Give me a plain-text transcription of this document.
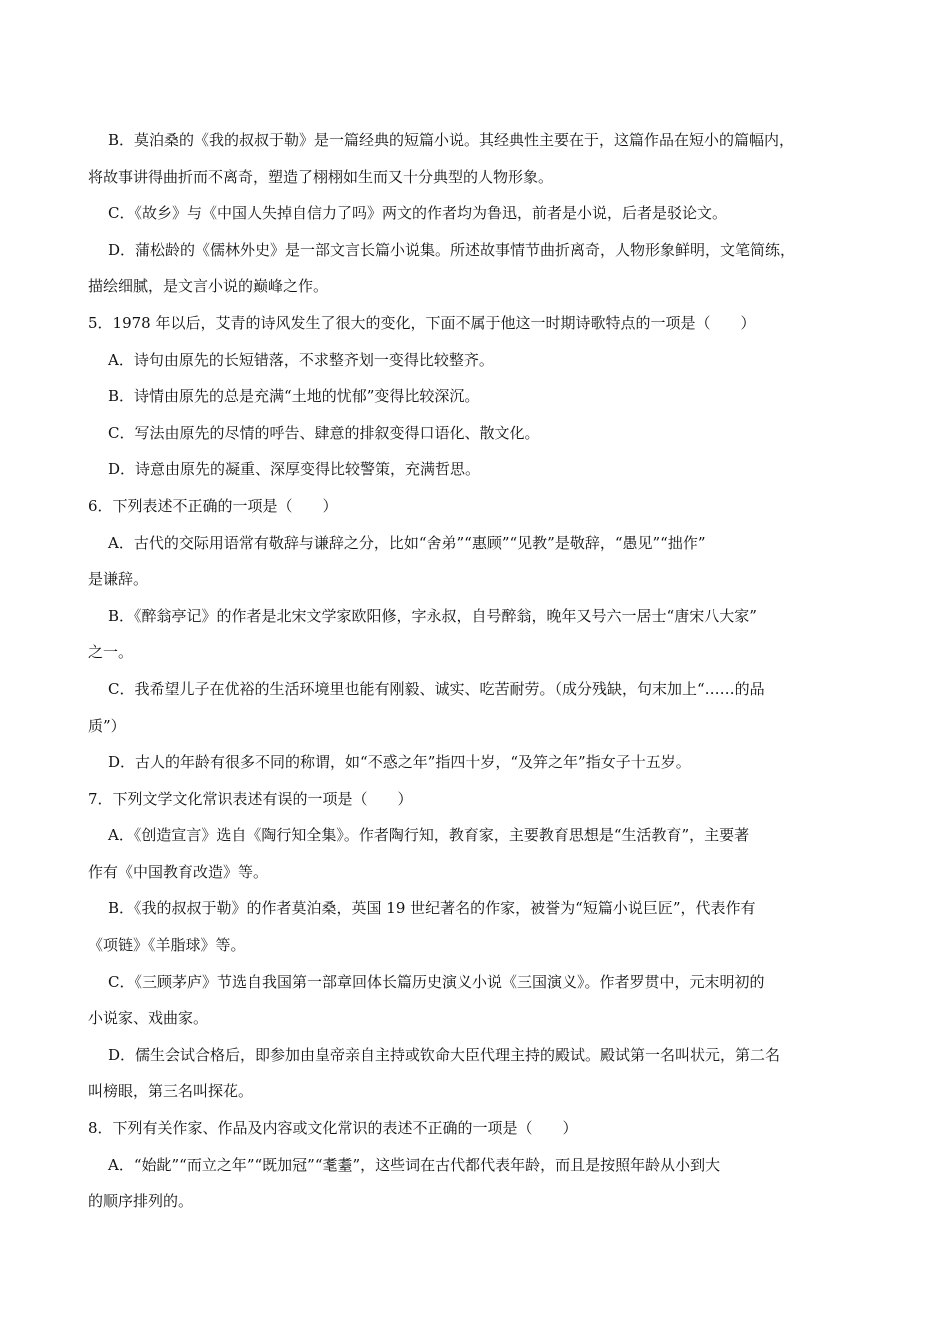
B．莫泊桑的《我的叔叔于勒》是一篇经典的短篇小说。其经典性主要在于，这篇作品在短小的篇幅内，
将故事讲得曲折而不离奇，塑造了栩栩如生而又十分典型的人物形象。
C．《故乡》与《中国人失掉自信力了吗》两文的作者均为鲁迅，前者是小说，后者是驳论文。
D．蒲松龄的《儒林外史》是一部文言长篇小说集。所述故事情节曲折离奇，人物形象鲜明，文笔简练，
描绘细腻，是文言小说的巅峰之作。
5．1978 年以后，艾青的诗风发生了很大的变化，下面不属于他这一时期诗歌特点的一项是（　　）
A．诗句由原先的长短错落，不求整齐划一变得比较整齐。
B．诗情由原先的总是充满“土地的忧郁”变得比较深沉。
C．写法由原先的尽情的呼告、肆意的排叙变得口语化、散文化。
D．诗意由原先的凝重、深厚变得比较警策，充满哲思。
6．下列表述不正确的一项是（　　）
A．古代的交际用语常有敬辞与谦辞之分，比如“舍弟”“惠顾”“见教”是敬辞，“愚见”“拙作”
是谦辞。
B．《醉翁亭记》的作者是北宋文学家欧阳修，字永叔，自号醉翁，晚年又号六一居士“唐宋八大家”
之一。
C．我希望儿子在优裕的生活环境里也能有刚毅、诚实、吃苦耐劳。（成分残缺，句末加上“……的品
质”）
D．古人的年龄有很多不同的称谓，如“不惑之年”指四十岁，“及笄之年”指女子十五岁。
7．下列文学文化常识表述有误的一项是（　　）
A．《创造宣言》选自《陶行知全集》。作者陶行知，教育家，主要教育思想是“生活教育”，主要著
作有《中国教育改造》等。
B．《我的叔叔于勒》的作者莫泊桑，英国 19 世纪著名的作家，被誉为“短篇小说巨匠”，代表作有
《项链》《羊脂球》等。
C．《三顾茅庐》节选自我国第一部章回体长篇历史演义小说《三国演义》。作者罗贯中，元末明初的
小说家、戏曲家。
D．儒生会试合格后，即参加由皇帝亲自主持或钦命大臣代理主持的殿试。殿试第一名叫状元，第二名
叫榜眼，第三名叫探花。
8．下列有关作家、作品及内容或文化常识的表述不正确的一项是（　　）
A．“始龀”“而立之年”“既加冠”“耄耋”，这些词在古代都代表年龄，而且是按照年龄从小到大
的顺序排列的。
